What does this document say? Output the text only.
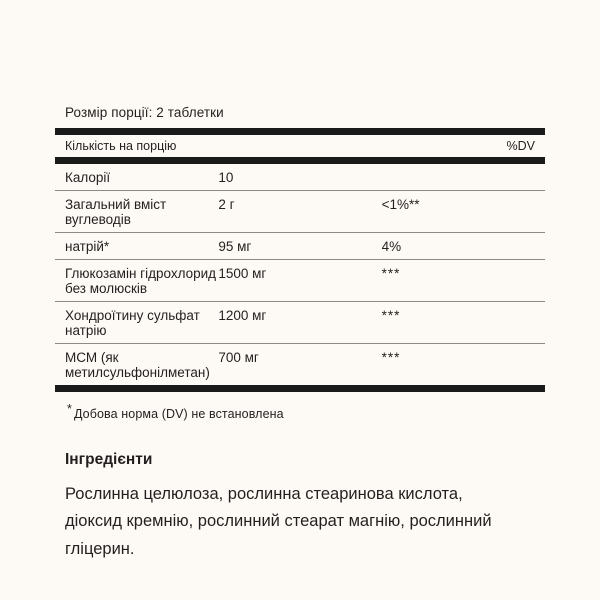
Розмір порції: 2 таблетки

Кількість на порцію		%DV

Калорії	10	

Загальний вміст вуглеводів	2 г	<1%**

натрій*	95 мг	4%

Глюкозамін гідрохлорид без молюсків	1500 мг	***

Хондроїтину сульфат натрію	1200 мг	***

МСМ (як метилсульфонілметан)	700 мг	***

* Добова норма (DV) не встановлена
Інгредієнти
Рослинна целюлоза, рослинна стеаринова кислота, діоксид кремнію, рослинний стеарат магнію, рослинний гліцерин.
